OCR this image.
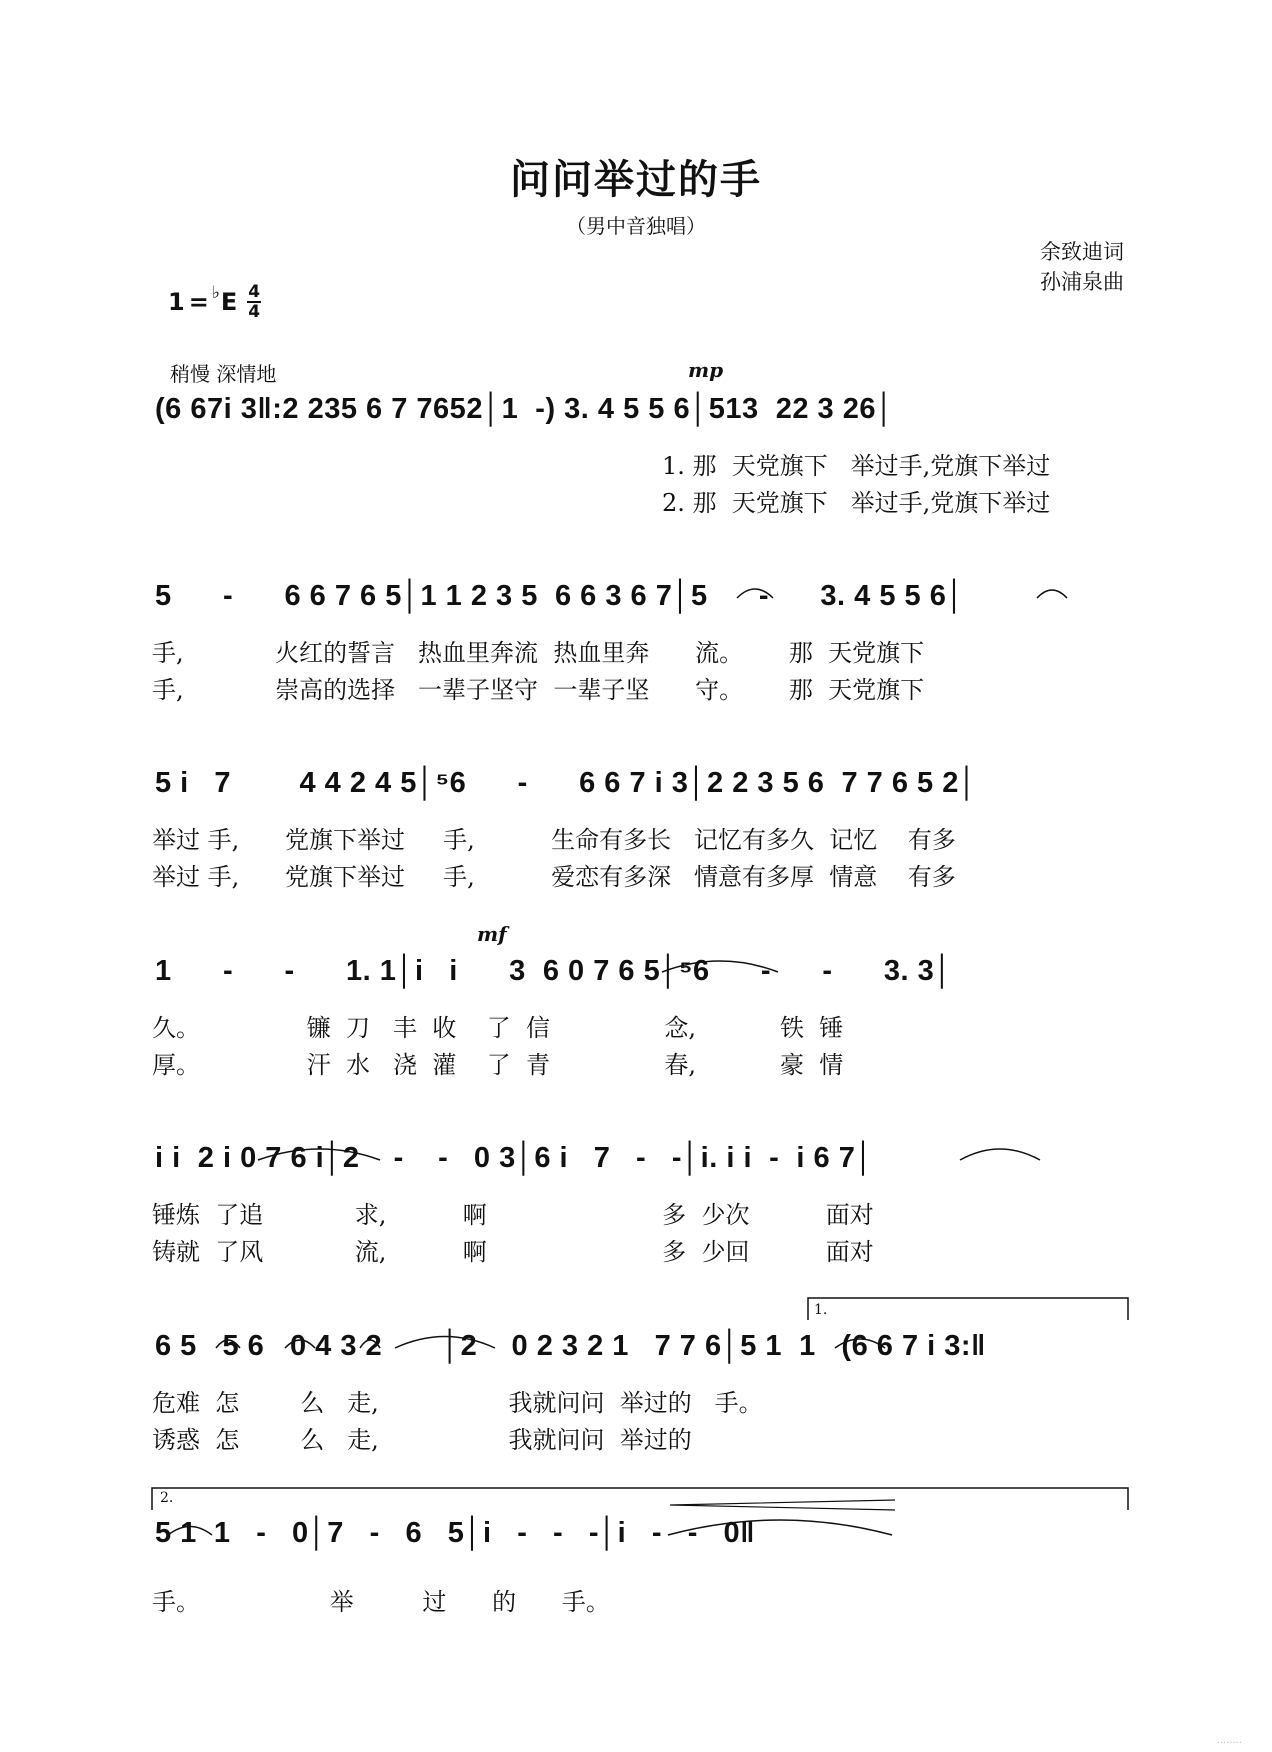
问问举过的手
（男中音独唱）
余致迪词
孙浦泉曲
1 = ♭ E $\frac{4}{4}$
稍慢 深情地	mp
mf
(6 67i 3‖:2 235 6 7 7652│1  -) 3. 4 5 5 6│513  22 3 26│
1. 那  天党旗下   举过手,党旗下举过
2. 那  天党旗下   举过手,党旗下举过
5      -      6 6 7 6 5│1 1 2 3 5  6 6 3 6 7│5      -      3. 4 5 5 6│
手,            火红的誓言   热血里奔流  热血里奔      流。      那  天党旗下
手,            崇高的选择   一辈子坚守  一辈子坚      守。      那  天党旗下
5 i   7        4 4 2 4 5│⁵6      -      6 6 7 i 3│2 2 3 5 6  7 7 6 5 2│
举过 手,      党旗下举过     手,          生命有多长   记忆有多久  记忆    有多
举过 手,      党旗下举过     手,          爱恋有多深   情意有多厚  情意    有多
1      -      -      1. 1│i   i      3  6 0 7 6 5│⁵6      -      -      3. 3│
久。              镰  刀   丰  收    了  信               念,           铁  锤
厚。              汗  水   浇  灌    了  青               春,           豪  情
i i  2 i 0 7 6 i│2    -    -   0 3│6 i   7   -   -│i. i i  -  i 6 7│
锤炼  了追            求,          啊                       多  少次          面对
铸就  了风            流,          啊                       多  少回          面对
1.
6 5   5 6   0 4 3 2       │2    0 2 3 2 1   7 7 6│5 1  1   (6 6 7 i 3:‖
危难  怎        么   走,                 我就问问  举过的   手。
诱惑  怎        么   走,                 我就问问  举过的
2.
5 1  1   -   0│7   -   6   5│i   -   -   -│i   -   -   0‖
手。                 举         过      的      手。
........
